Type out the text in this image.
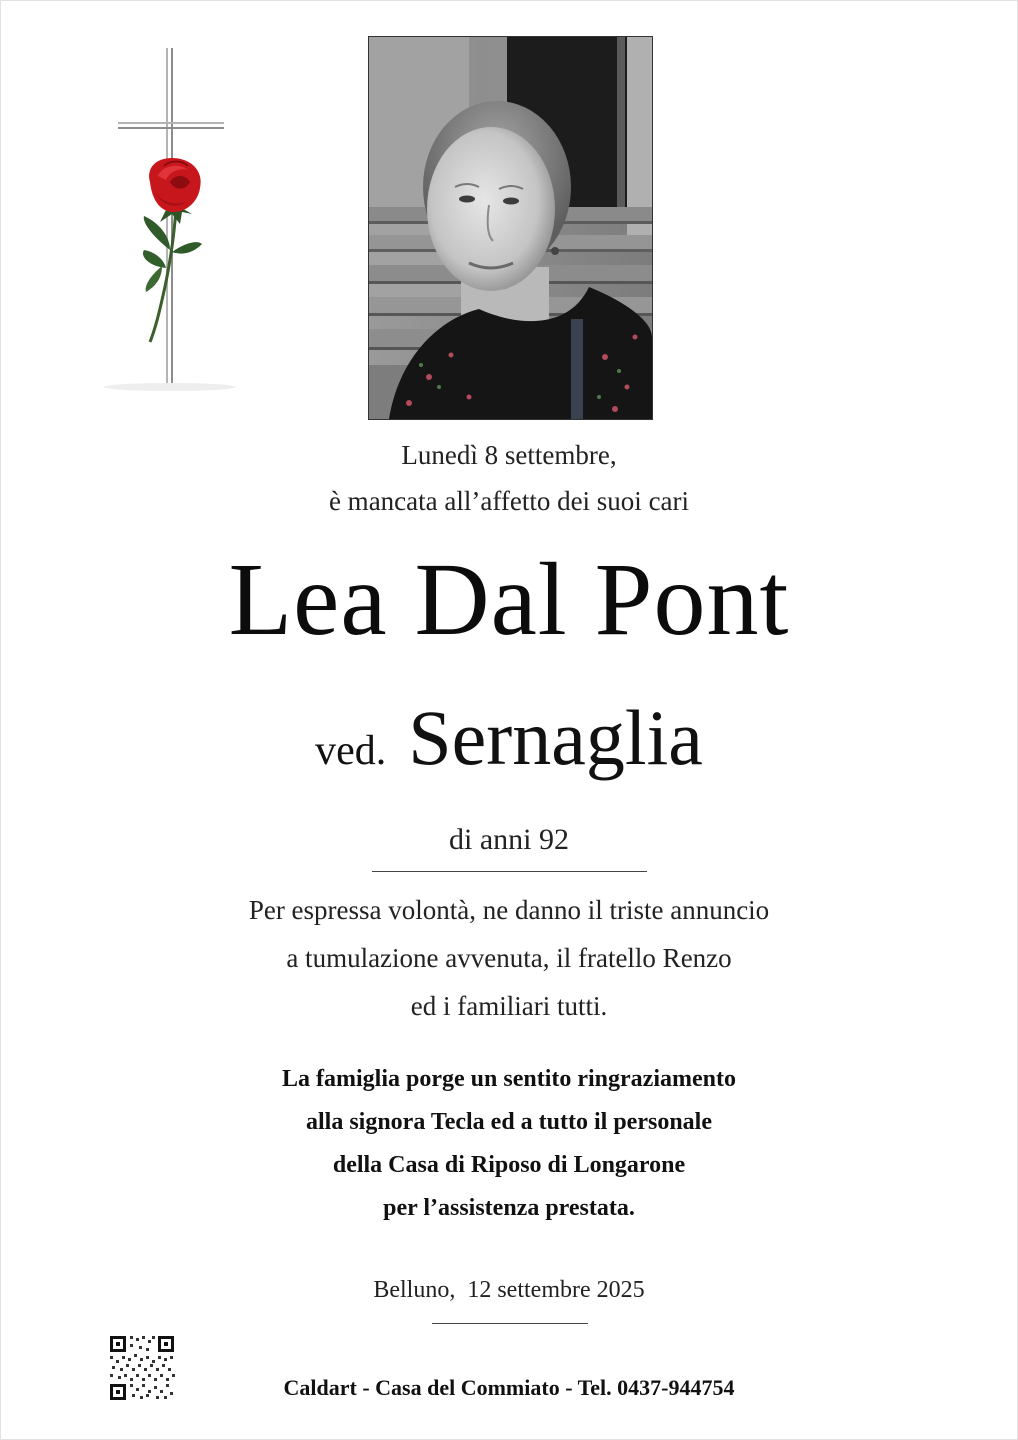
Lunedì 8 settembre,
è mancata all’affetto dei suoi cari
Lea Dal Pont
ved. Sernaglia
di anni 92
Per espressa volontà, ne danno il triste annuncio
a tumulazione avvenuta, il fratello Renzo
ed i familiari tutti.
La famiglia porge un sentito ringraziamento
alla signora Tecla ed a tutto il personale
della Casa di Riposo di Longarone
per l’assistenza prestata.
Belluno,  12 settembre 2025
Caldart - Casa del Commiato - Tel. 0437-944754
